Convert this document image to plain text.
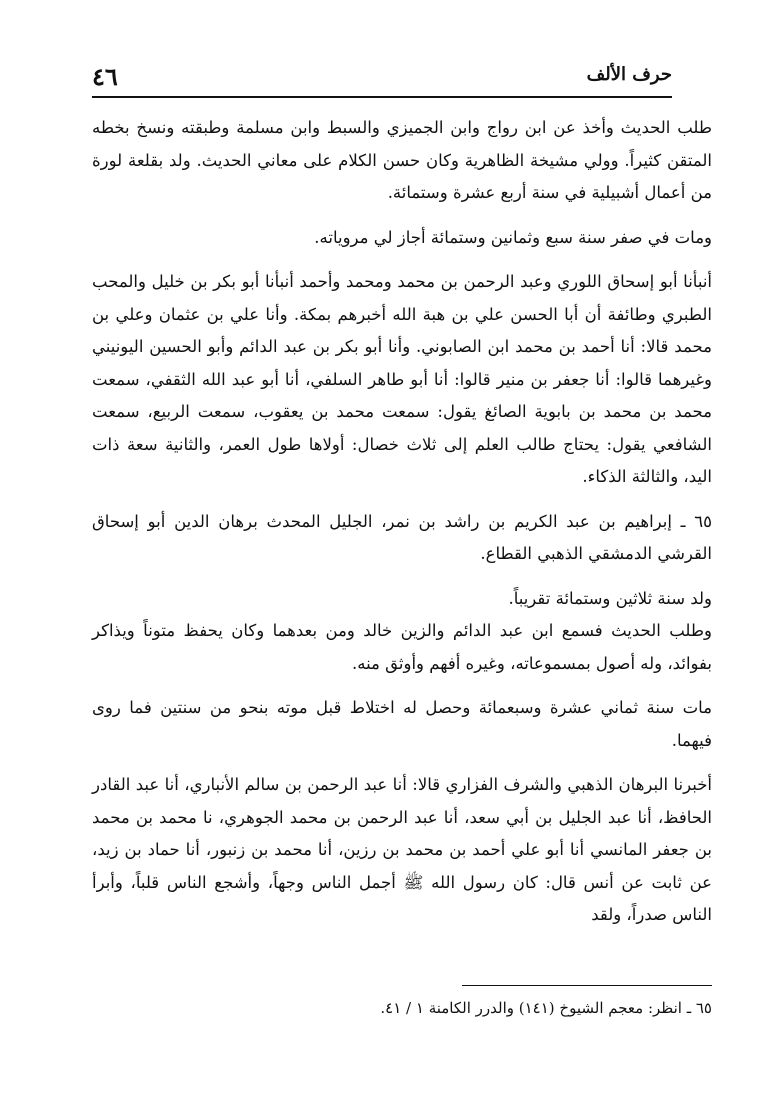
حرف الألف
٤٦

طلب الحديث وأخذ عن ابن رواج وابن الجميزي والسبط وابن مسلمة وطبقته ونسخ بخطه المتقن كثيراً. وولي مشيخة الظاهرية وكان حسن الكلام على معاني الحديث. ولد بقلعة لورة من أعمال أشبيلية في سنة أربع عشرة وستمائة.

ومات في صفر سنة سبع وثمانين وستمائة أجاز لي مروياته.

أنبأنا أبو إسحاق اللوري وعبد الرحمن بن محمد ومحمد وأحمد أنبأنا أبو بكر بن خليل والمحب الطبري وطائفة أن أبا الحسن علي بن هبة الله أخبرهم بمكة. وأنا علي بن عثمان وعلي بن محمد قالا: أنا أحمد بن محمد ابن الصابوني. وأنا أبو بكر بن عبد الدائم وأبو الحسين اليونيني وغيرهما قالوا: أنا جعفر بن منير قالوا: أنا أبو طاهر السلفي، أنا أبو عبد الله الثقفي، سمعت محمد بن محمد بن بابوية الصائغ يقول: سمعت محمد بن يعقوب، سمعت الربيع، سمعت الشافعي يقول: يحتاج طالب العلم إلى ثلاث خصال: أولاها طول العمر، والثانية سعة ذات اليد، والثالثة الذكاء.

٦٥ ـ إبراهيم بن عبد الكريم بن راشد بن نمر، الجليل المحدث برهان الدين أبو إسحاق القرشي الدمشقي الذهبي القطاع.

ولد سنة ثلاثين وستمائة تقريباً.

وطلب الحديث فسمع ابن عبد الدائم والزين خالد ومن بعدهما وكان يحفظ متوناً ويذاكر بفوائد، وله أصول بمسموعاته، وغيره أفهم وأوثق منه.

مات سنة ثماني عشرة وسبعمائة وحصل له اختلاط قبل موته بنحو من سنتين فما روى فيهما.

أخبرنا البرهان الذهبي والشرف الفزاري قالا: أنا عبد الرحمن بن سالم الأنباري، أنا عبد القادر الحافظ، أنا عبد الجليل بن أبي سعد، أنا عبد الرحمن بن محمد الجوهري، نا محمد بن محمد بن جعفر المانسي أنا أبو علي أحمد بن محمد بن رزين، أنا محمد بن زنبور، أنا حماد بن زيد، عن ثابت عن أنس قال: كان رسول الله ﷺ أجمل الناس وجهاً، وأشجع الناس قلباً، وأبرأ الناس صدراً، ولقد

٦٥ ـ انظر: معجم الشيوخ (١٤١) والدرر الكامنة ١ / ٤١.
